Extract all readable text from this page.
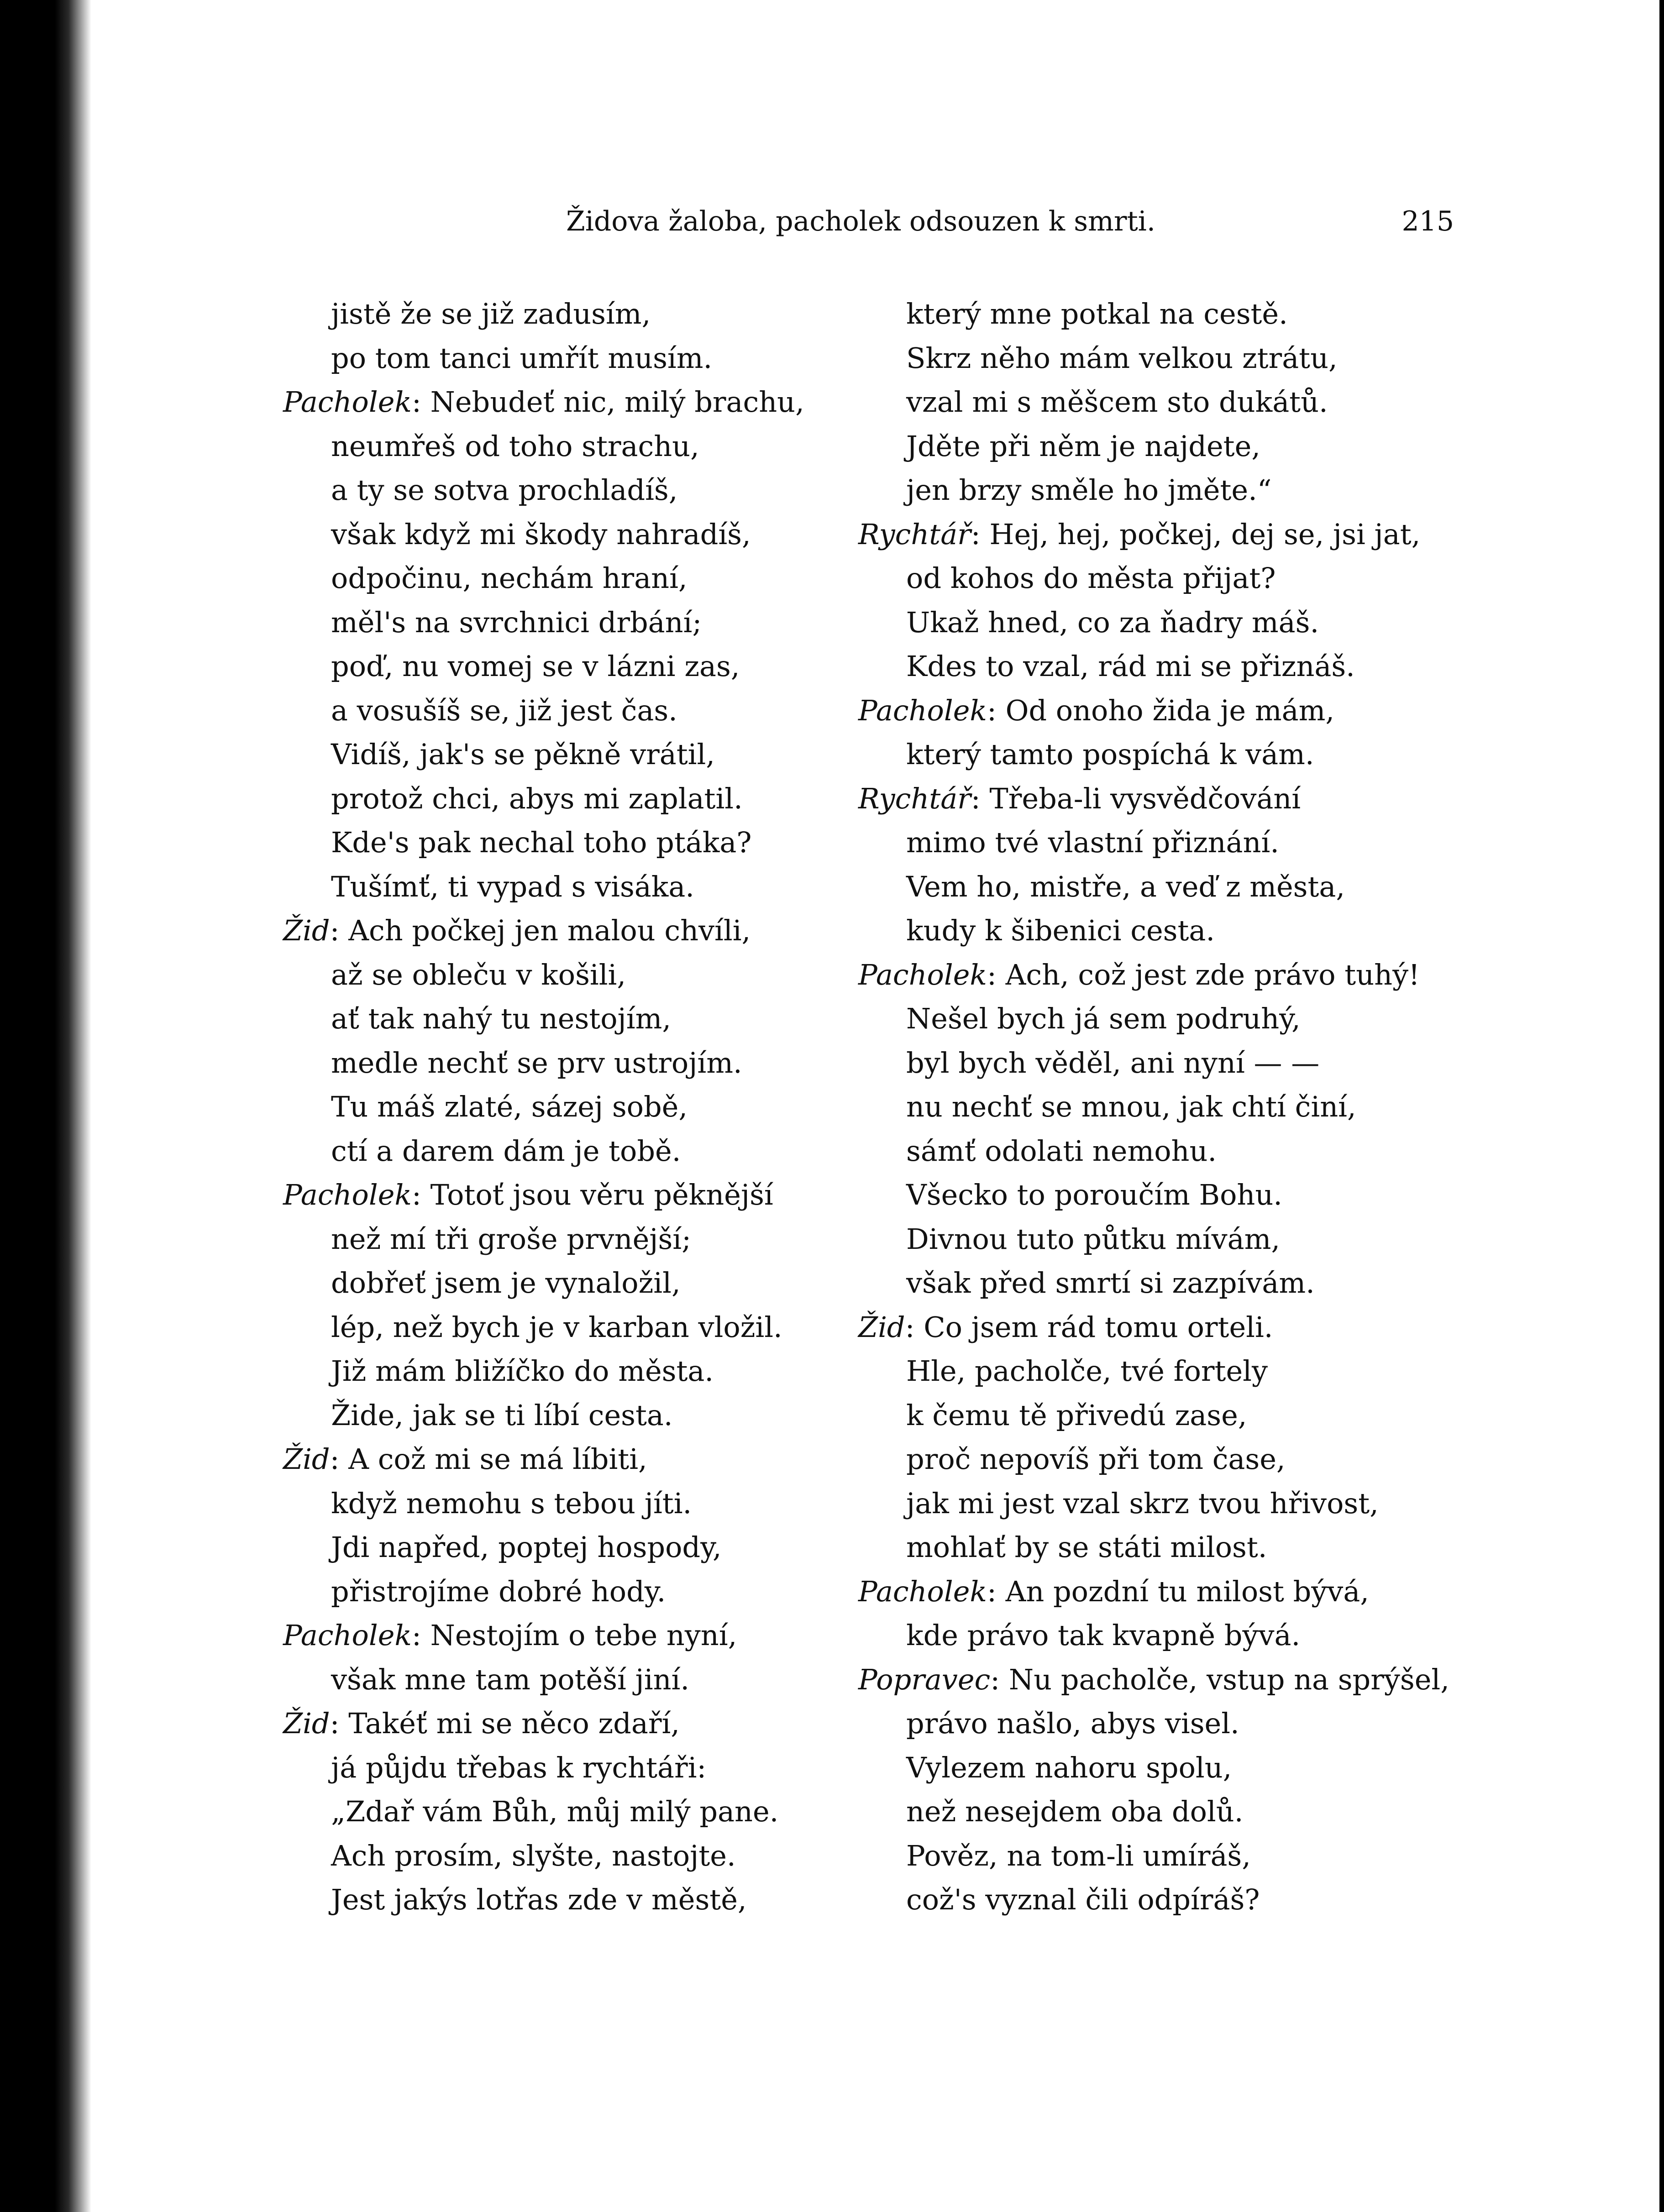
Židova žaloba, pacholek odsouzen k smrti.	215
jistě že se již zadusím,
po tom tanci umřít musím.
Pacholek: Nebudeť nic, milý brachu,
neumřeš od toho strachu,
a ty se sotva prochladíš,
však když mi škody nahradíš,
odpočinu, nechám hraní,
měl's na svrchnici drbání;
poď, nu vomej se v lázni zas,
a vosušíš se, již jest čas.
Vidíš, jak's se pěkně vrátil,
protož chci, abys mi zaplatil.
Kde's pak nechal toho ptáka?
Tušímť, ti vypad s visáka.
Žid: Ach počkej jen malou chvíli,
až se obleču v košili,
ať tak nahý tu nestojím,
medle nechť se prv ustrojím.
Tu máš zlaté, sázej sobě,
ctí a darem dám je tobě.
Pacholek: Totoť jsou věru pěknější
než mí tři groše prvnější;
dobřeť jsem je vynaložil,
lép, než bych je v karban vložil.
Již mám bližíčko do města.
Žide, jak se ti líbí cesta.
Žid: A což mi se má líbiti,
když nemohu s tebou jíti.
Jdi napřed, poptej hospody,
přistrojíme dobré hody.
Pacholek: Nestojím o tebe nyní,
však mne tam potěší jiní.
Žid: Takéť mi se něco zdaří,
já půjdu třebas k rychtáři:
„Zdař vám Bůh, můj milý pane.
Ach prosím, slyšte, nastojte.
Jest jakýs lotřas zde v městě,
který mne potkal na cestě.
Skrz něho mám velkou ztrátu,
vzal mi s měšcem sto dukátů.
Jděte při něm je najdete,
jen brzy směle ho jměte.“
Rychtář: Hej, hej, počkej, dej se, jsi jat,
od kohos do města přijat?
Ukaž hned, co za ňadry máš.
Kdes to vzal, rád mi se přiznáš.
Pacholek: Od onoho žida je mám,
který tamto pospíchá k vám.
Rychtář: Třeba-li vysvědčování
mimo tvé vlastní přiznání.
Vem ho, mistře, a veď z města,
kudy k šibenici cesta.
Pacholek: Ach, což jest zde právo tuhý!
Nešel bych já sem podruhý,
byl bych věděl, ani nyní — —
nu nechť se mnou, jak chtí činí,
sámť odolati nemohu.
Všecko to poroučím Bohu.
Divnou tuto půtku mívám,
však před smrtí si zazpívám.
Žid: Co jsem rád tomu orteli.
Hle, pacholče, tvé fortely
k čemu tě přivedú zase,
proč nepovíš při tom čase,
jak mi jest vzal skrz tvou hřivost,
mohlať by se státi milost.
Pacholek: An pozdní tu milost bývá,
kde právo tak kvapně bývá.
Popravec: Nu pacholče, vstup na sprýšel,
právo našlo, abys visel.
Vylezem nahoru spolu,
než nesejdem oba dolů.
Pověz, na tom-li umíráš,
což's vyznal čili odpíráš?
